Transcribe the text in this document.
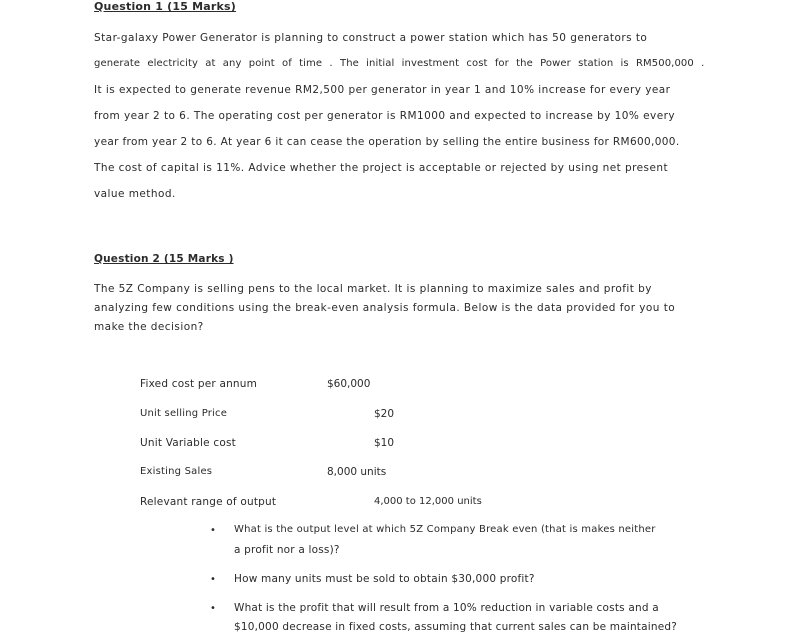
Question 1 (15 Marks)
Star-galaxy Power Generator is planning to construct a power station which has 50 generators to
generate electricity at any point of time . The initial investment cost for the Power station is RM500,000 .
It is expected to generate revenue RM2,500 per generator in year 1 and 10% increase for every year
from year 2 to 6. The operating cost per generator is RM1000 and expected to increase by 10% every
year from year 2 to 6. At year 6 it can cease the operation by selling the entire business for RM600,000.
The cost of capital is 11%. Advice whether the project is acceptable or rejected by using net present
value method.
Question 2 (15 Marks )
The 5Z Company is selling pens to the local market. It is planning to maximize sales and profit by
analyzing few conditions using the break-even analysis formula. Below is the data provided for you to
make the decision?
Fixed cost per annum	$60,000
Unit selling Price	$20
Unit Variable cost	$10
Existing Sales	8,000 units
Relevant range of output	4,000 to 12,000 units
• What is the output level at which 5Z Company Break even (that is makes neither
a profit nor a loss)?
• How many units must be sold to obtain $30,000 profit?
• What is the profit that will result from a 10% reduction in variable costs and a
$10,000 decrease in fixed costs, assuming that current sales can be maintained?
